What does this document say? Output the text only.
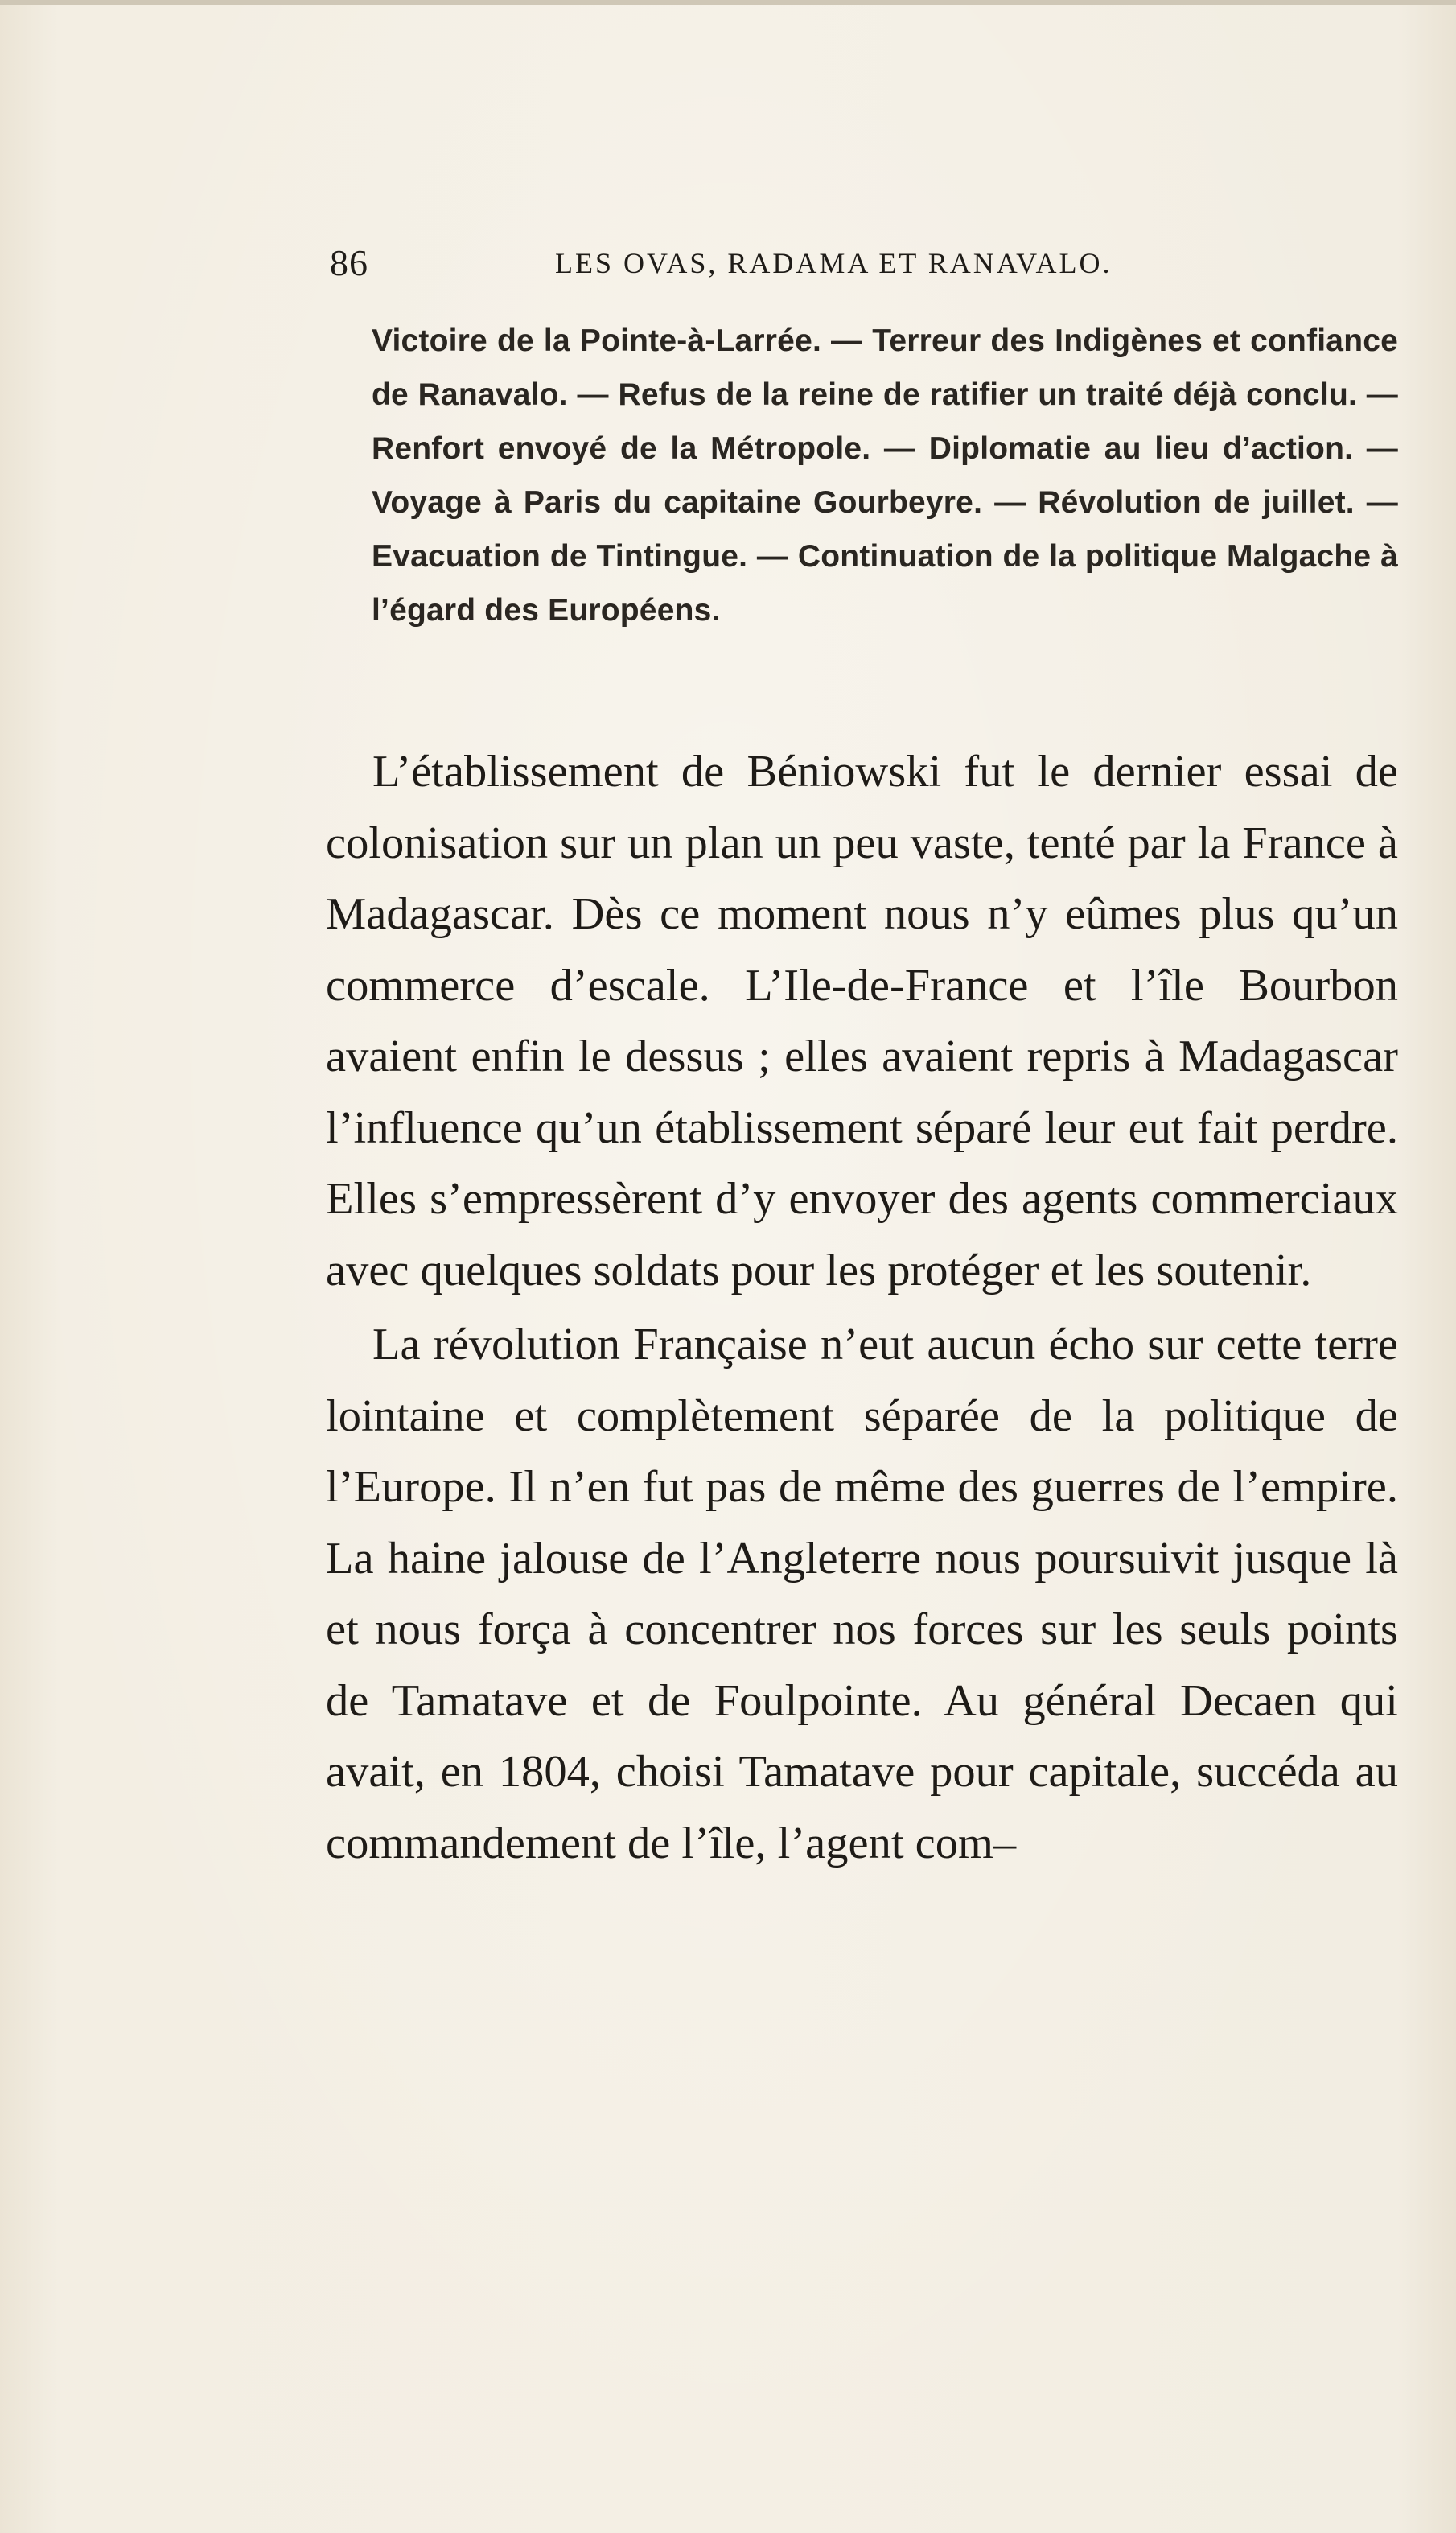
86	LES OVAS, RADAMA ET RANAVALO.
Victoire de la Pointe-à-Larrée. — Terreur des Indigènes et confiance de Ranavalo. — Refus de la reine de ratifier un traité déjà conclu. — Renfort envoyé de la Métropole. — Diplomatie au lieu d’action. — Voyage à Paris du capitaine Gourbeyre. — Révolution de juillet. — Evacuation de Tintingue. — Continuation de la politique Malgache à l’égard des Européens.

L’établissement de Béniowski fut le dernier essai de colonisation sur un plan un peu vaste, tenté par la France à Madagascar. Dès ce moment nous n’y eûmes plus qu’un commerce d’escale. L’Ile-de-France et l’île Bourbon avaient enfin le dessus ; elles avaient repris à Madagascar l’influence qu’un établissement séparé leur eut fait perdre. Elles s’empressèrent d’y envoyer des agents commerciaux avec quelques soldats pour les protéger et les soutenir.

La révolution Française n’eut aucun écho sur cette terre lointaine et complètement séparée de la politique de l’Europe. Il n’en fut pas de même des guerres de l’empire. La haine jalouse de l’Angleterre nous poursuivit jusque là et nous força à concentrer nos forces sur les seuls points de Tamatave et de Foulpointe. Au général Decaen qui avait, en 1804, choisi Tamatave pour capitale, succéda au commandement de l’île, l’agent com–
